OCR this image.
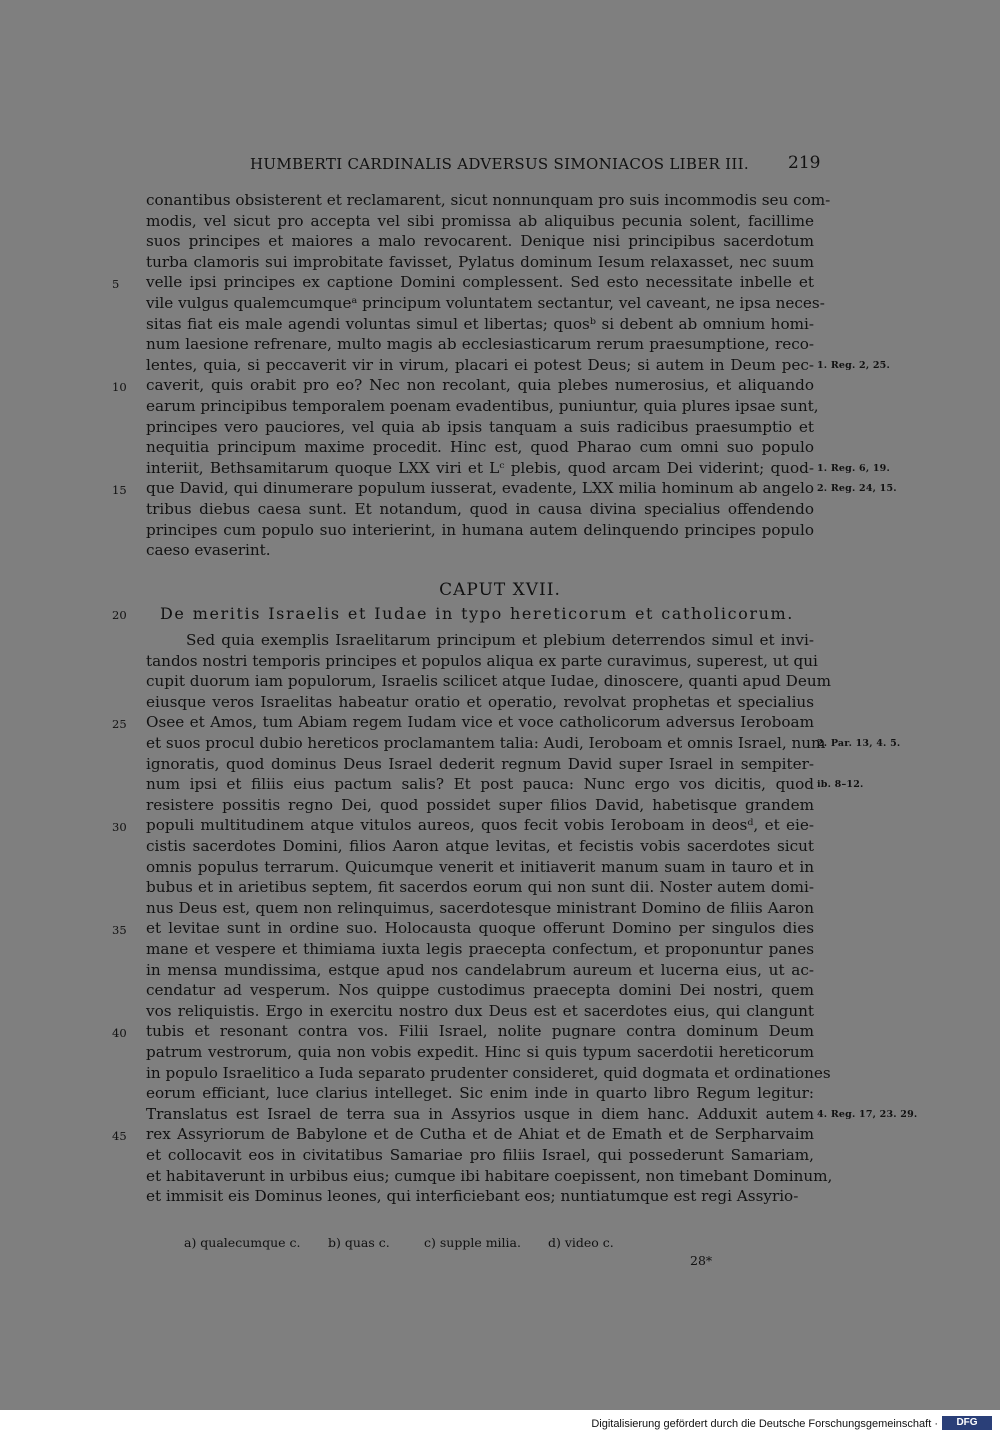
HUMBERTI CARDINALIS ADVERSUS SIMONIACOS LIBER III. 219
conantibus obsisterent et reclamarent, sicut nonnunquam pro suis incommodis seu com-
modis, vel sicut pro accepta vel sibi promissa ab aliquibus pecunia solent, facillime
suos principes et maiores a malo revocarent. Denique nisi principibus sacerdotum
turba clamoris sui improbitate favisset, Pylatus dominum Iesum relaxasset, nec suum
velle ipsi principes ex captione Domini complessent. Sed esto necessitate inbelle et
5
vile vulgus qualemcumqueᵃ principum voluntatem sectantur, vel caveant, ne ipsa neces-
sitas fiat eis male agendi voluntas simul et libertas; quosᵇ si debent ab omnium homi-
num laesione refrenare, multo magis ab ecclesiasticarum rerum praesumptione, reco-
lentes, quia, si peccaverit vir in virum, placari ei potest Deus; si autem in Deum pec- 1. Reg. 2, 25.
caverit, quis orabit pro eo? Nec non recolant, quia plebes numerosius, et aliquando
10
earum principibus temporalem poenam evadentibus, puniuntur, quia plures ipsae sunt,
principes vero pauciores, vel quia ab ipsis tanquam a suis radicibus praesumptio et
nequitia principum maxime procedit. Hinc est, quod Pharao cum omni suo populo
interiit, Bethsamitarum quoque LXX viri et Lᶜ plebis, quod arcam Dei viderint; quod- 1. Reg. 6, 19.
que David, qui dinumerare populum iusserat, evadente, LXX milia hominum ab angelo
15	2. Reg. 24, 15.
tribus diebus caesa sunt. Et notandum, quod in causa divina specialius offendendo
principes cum populo suo interierint, in humana autem delinquendo principes populo
caeso evaserint.
CAPUT XVII.
20	De meritis Israelis et Iudae in typo hereticorum et catholicorum.
Sed quia exemplis Israelitarum principum et plebium deterrendos simul et invi-
tandos nostri temporis principes et populos aliqua ex parte curavimus, superest, ut qui
cupit duorum iam populorum, Israelis scilicet atque Iudae, dinoscere, quanti apud Deum
eiusque veros Israelitas habeatur oratio et operatio, revolvat prophetas et specialius
Osee et Amos, tum Abiam regem Iudam vice et voce catholicorum adversus Ieroboam
25
et suos procul dubio hereticos proclamantem talia: Audi, Ieroboam et omnis Israel, num
2. Par. 13, 4. 5.
ignoratis, quod dominus Deus Israel dederit regnum David super Israel in sempiter-
num ipsi et filiis eius pactum salis? Et post pauca: Nunc ergo vos dicitis, quod ib. 8–12.
resistere possitis regno Dei, quod possidet super filios David, habetisque grandem
populi multitudinem atque vitulos aureos, quos fecit vobis Ieroboam in deosᵈ, et eie-
30
cistis sacerdotes Domini, filios Aaron atque levitas, et fecistis vobis sacerdotes sicut
omnis populus terrarum. Quicumque venerit et initiaverit manum suam in tauro et in
bubus et in arietibus septem, fit sacerdos eorum qui non sunt dii. Noster autem domi-
nus Deus est, quem non relinquimus, sacerdotesque ministrant Domino de filiis Aaron
et levitae sunt in ordine suo. Holocausta quoque offerunt Domino per singulos dies
35
mane et vespere et thimiama iuxta legis praecepta confectum, et proponuntur panes
in mensa mundissima, estque apud nos candelabrum aureum et lucerna eius, ut ac-
cendatur ad vesperum. Nos quippe custodimus praecepta domini Dei nostri, quem
vos reliquistis. Ergo in exercitu nostro dux Deus est et sacerdotes eius, qui clangunt
tubis et resonant contra vos. Filii Israel, nolite pugnare contra dominum Deum
40
patrum vestrorum, quia non vobis expedit. Hinc si quis typum sacerdotii hereticorum
in populo Israelitico a Iuda separato prudenter consideret, quid dogmata et ordinationes
eorum efficiant, luce clarius intelleget. Sic enim inde in quarto libro Regum legitur:
Translatus est Israel de terra sua in Assyrios usque in diem hanc. Adduxit autem 4. Reg. 17, 23. 29.
rex Assyriorum de Babylone et de Cutha et de Ahiat et de Emath et de Serpharvaim
45
et collocavit eos in civitatibus Samariae pro filiis Israel, qui possederunt Samariam,
et habitaverunt in urbibus eius; cumque ibi habitare coepissent, non timebant Dominum,
et immisit eis Dominus leones, qui interficiebant eos; nuntiatumque est regi Assyrio-
a) qualecumque c. b) quas c.	c) supple milia. d) video c.
28*
Digitalisierung gefördert durch die Deutsche Forschungsgemeinschaft ·	DFG
